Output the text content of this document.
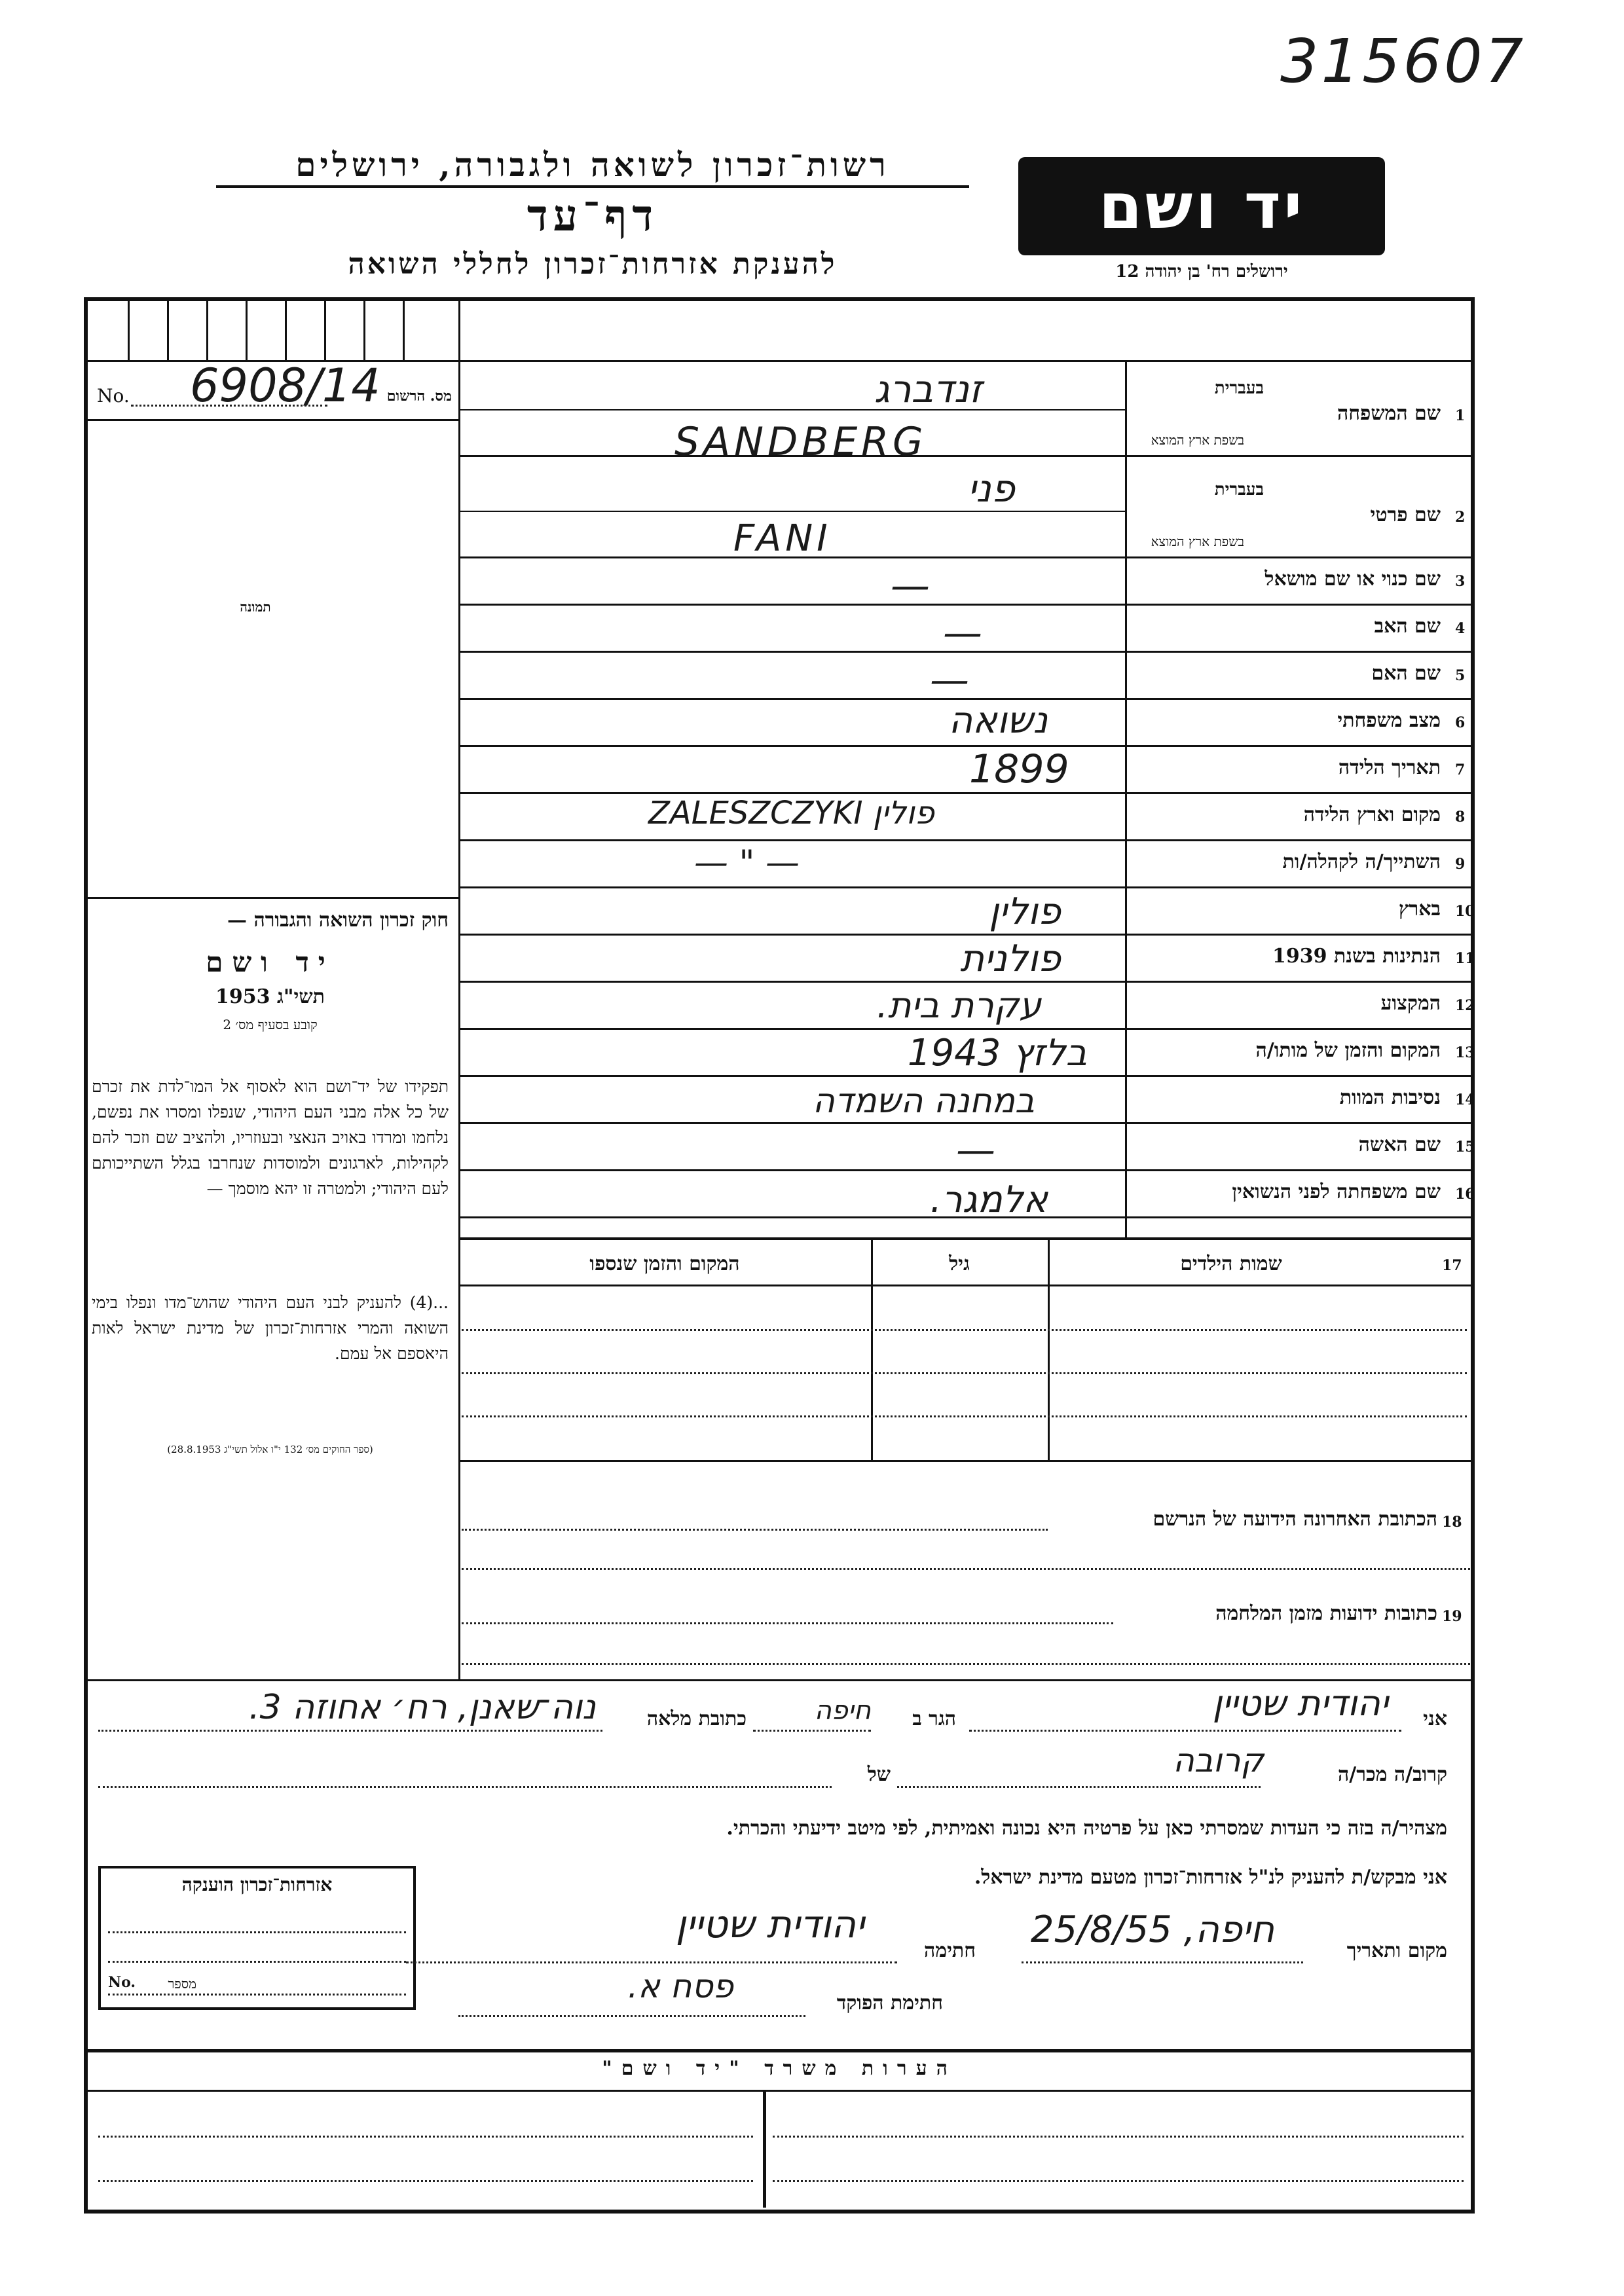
315607
רשות־זכרון לשואה ולגבורה, ירושלים
דף־עד
להענקת אזרחות־זכרון לחללי השואה
יד ושם
ירושלים רח' בן יהודה 12
No. 6908/14 מס. הרשום
תמונה
חוק זכרון השואה והגבורה —
יד ושם
תשי"ג 1953
קובע בסעיף מס׳ 2
תפקידו של יד־ושם הוא לאסוף אל המו־לדת את זכרם של כל אלה מבני העם היהודי, שנפלו ומסרו את נפשם, נלחמו ומרדו באויב הנאצי ובעוזריו, ולהציב שם וזכר להם לקהילות, לארגונים ולמוסדות שנחרבו בגלל השתייכותם לעם היהודי; ולמטרה זו יהא מוסמך —
...(4) להעניק לבני העם היהודי שהוש־מדו ונפלו בימי השואה והמרי אזרחות־זכרון של מדינת ישראל לאות היאספם אל עמם.
(ספר החוקים מס׳ 132 י"ו אלול תשי"ג 28.8.1953)
1
שם המשפחה
בעברית
בשפת ארץ המוצא
זנדברג
SANDBERG
2
שם פרטי
בעברית
בשפת ארץ המוצא
פני
FANI
3
שם כנוי או שם מושאל
—
4
שם האב
—
5
שם האם
—
6
מצב משפחתי
נשואה
7
תאריך הלידה
1899
8
מקום וארץ הלידה
ZALESZCZYKI פולין
9
השתייך/ה לקהלה/ות
— " —
10
בארץ
פולין
11
הנתינות בשנת 1939
פולנית
12
המקצוע
עקרת בית.
13
המקום והזמן של מותו/ה
בלזץ 1943
14
נסיבות המוות
במחנה השמדה
15
שם האשה
—
16
שם משפחתה לפני הנשואין
אלמגר.
17
שמות הילדים
גיל
המקום והזמן שנספו
18
הכתובת האחרונה הידועה של הנרשם
19
כתובות ידועות מזמן המלחמה
אני
יהודית שטיין
הגר ב
חיפה
כתובת מלאה
נוה־שאנן, רח׳ אחוזה 3.
קרוב/ה מכר/ה
קרובה
של
מצהיר/ה בזה כי העדות שמסרתי כאן על פרטיה היא נכונה ואמיתית, לפי מיטב ידיעתי והכרתי.
אני מבקש/ת להעניק לנ"ל אזרחות־זכרון מטעם מדינת ישראל.
אזרחות־זכרון הוענקה
No.	מספר
מקום ותאריך
חיפה, 25/8/55
חתימה
יהודית שטיין
חתימת הפוקד
פסח א.
הערות משרד "יד ושם"
